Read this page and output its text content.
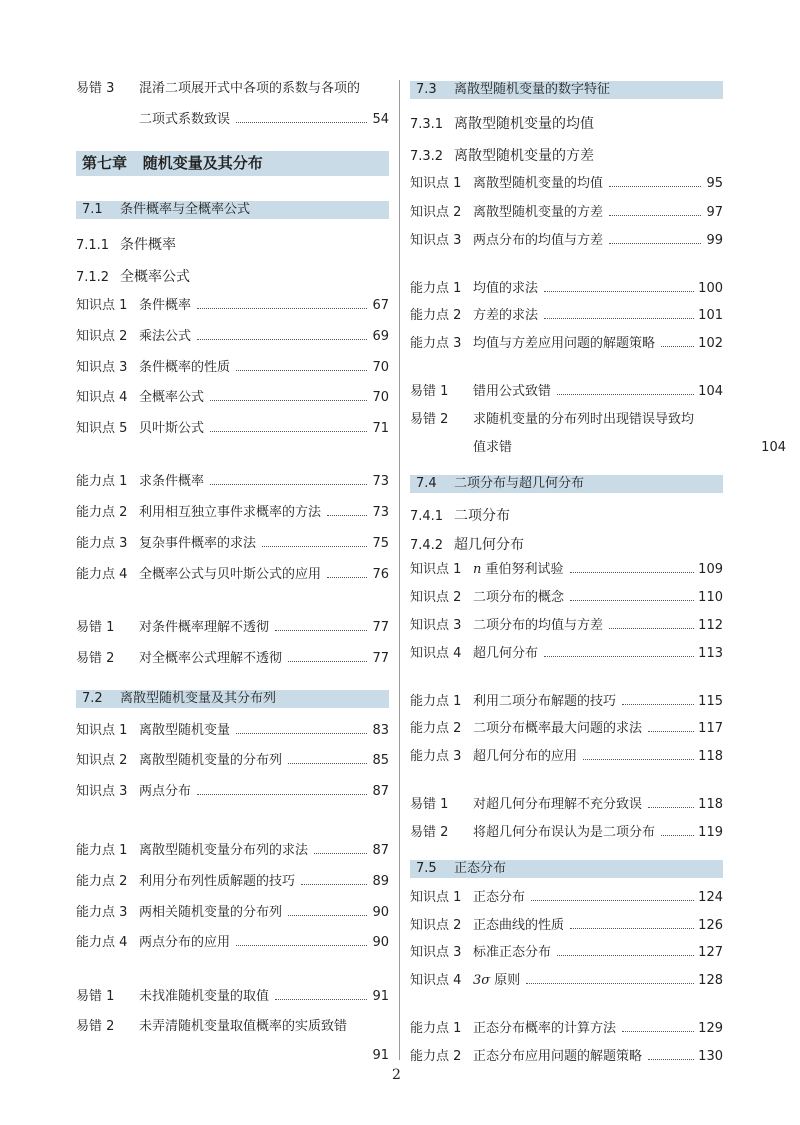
易错 3	混淆二项展开式中各项的系数与各项的
二项式系数致误	54
第七章 随机变量及其分布
7.1 条件概率与全概率公式
7.1.1 条件概率
7.1.2 全概率公式
知识点 1 条件概率	67
知识点 2 乘法公式	69
知识点 3 条件概率的性质	70
知识点 4 全概率公式	70
知识点 5 贝叶斯公式	71
能力点 1 求条件概率	73
能力点 2 利用相互独立事件求概率的方法	73
能力点 3 复杂事件概率的求法	75
能力点 4 全概率公式与贝叶斯公式的应用	76
易错 1	对条件概率理解不透彻	77
易错 2	对全概率公式理解不透彻	77
7.2 离散型随机变量及其分布列
知识点 1 离散型随机变量	83
知识点 2 离散型随机变量的分布列	85
知识点 3 两点分布	87
能力点 1 离散型随机变量分布列的求法	87
能力点 2 利用分布列性质解题的技巧	89
能力点 3 两相关随机变量的分布列	90
能力点 4 两点分布的应用	90
易错 1	未找准随机变量的取值	91
易错 2	未弄清随机变量取值概率的实质致错
91
7.3 离散型随机变量的数字特征
7.3.1 离散型随机变量的均值
7.3.2 离散型随机变量的方差
知识点 1 离散型随机变量的均值	95
知识点 2 离散型随机变量的方差	97
知识点 3 两点分布的均值与方差	99
能力点 1 均值的求法	100
能力点 2 方差的求法	101
能力点 3 均值与方差应用问题的解题策略	102
易错 1	错用公式致错	104
易错 2	求随机变量的分布列时出现错误导致均
值求错	104
7.4 二项分布与超几何分布
7.4.1 二项分布
7.4.2 超几何分布
知识点 1 n 重伯努利试验	109
知识点 2 二项分布的概念	110
知识点 3 二项分布的均值与方差	112
知识点 4 超几何分布	113
能力点 1 利用二项分布解题的技巧	115
能力点 2 二项分布概率最大问题的求法	117
能力点 3 超几何分布的应用	118
易错 1	对超几何分布理解不充分致误	118
易错 2	将超几何分布误认为是二项分布	119
7.5 正态分布
知识点 1 正态分布	124
知识点 2 正态曲线的性质	126
知识点 3 标准正态分布	127
知识点 4 3σ 原则	128
能力点 1 正态分布概率的计算方法	129
能力点 2 正态分布应用问题的解题策略	130
2
